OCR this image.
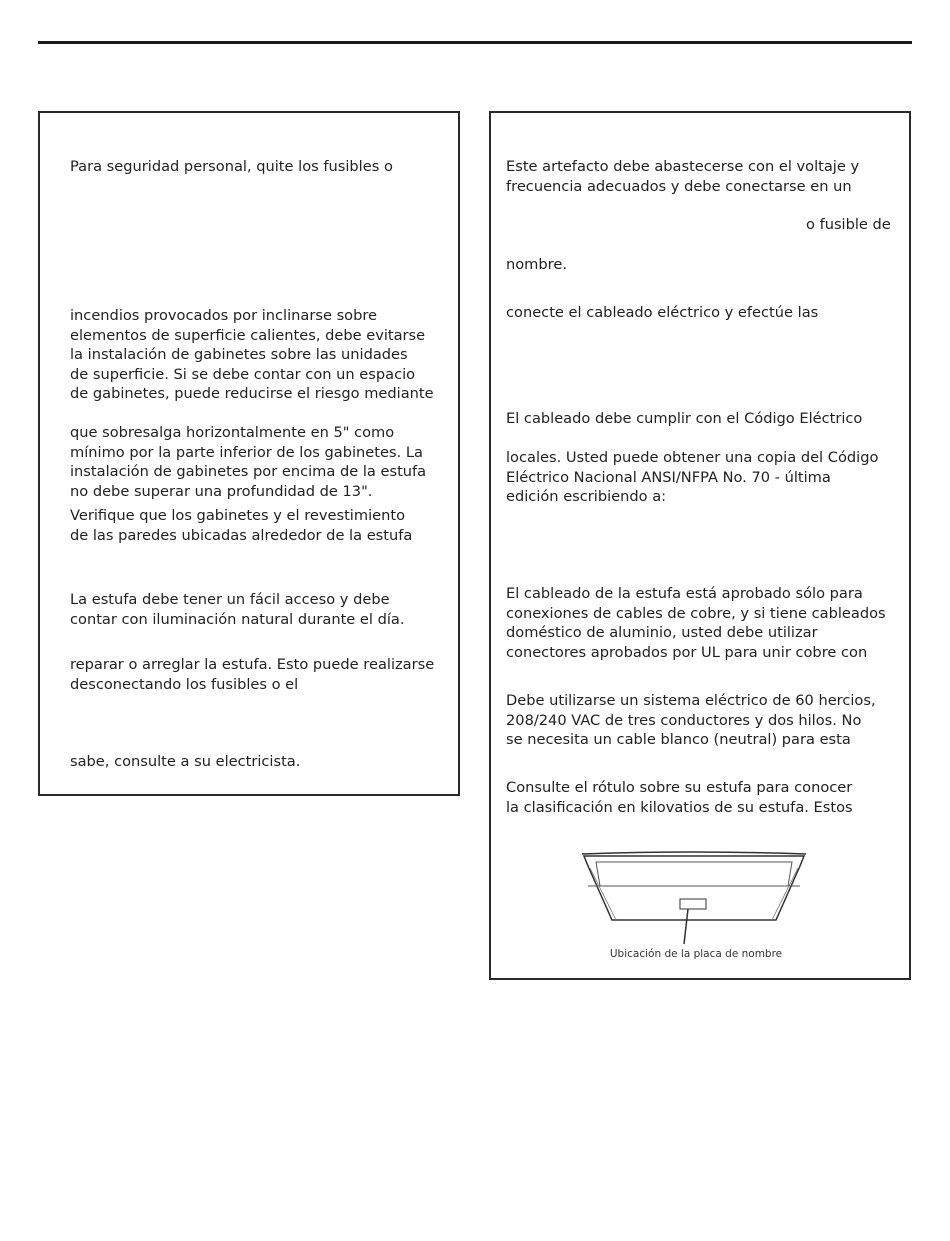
Para seguridad personal, quite los fusibles o
incendios provocados por inclinarse sobre
elementos de superficie calientes, debe evitarse
la instalación de gabinetes sobre las unidades
de superficie. Si se debe contar con un espacio
de gabinetes, puede reducirse el riesgo mediante
que sobresalga horizontalmente en 5" como
mínimo por la parte inferior de los gabinetes. La
instalación de gabinetes por encima de la estufa
no debe superar una profundidad de 13".
Verifique que los gabinetes y el revestimiento
de las paredes ubicadas alrededor de la estufa
La estufa debe tener un fácil acceso y debe
contar con iluminación natural durante el día.
reparar o arreglar la estufa. Esto puede realizarse
desconectando los fusibles o el
sabe, consulte a su electricista.
Este artefacto debe abastecerse con el voltaje y
frecuencia adecuados y debe conectarse en un
o fusible de
nombre.
conecte el cableado eléctrico y efectúe las
El cableado debe cumplir con el Código Eléctrico
locales. Usted puede obtener una copia del Código
Eléctrico Nacional ANSI/NFPA No. 70 - última
edición escribiendo a:
El cableado de la estufa está aprobado sólo para
conexiones de cables de cobre, y si tiene cableados
doméstico de aluminio, usted debe utilizar
conectores aprobados por UL para unir cobre con
Debe utilizarse un sistema eléctrico de 60 hercios,
208/240 VAC de tres conductores y dos hilos. No
se necesita un cable blanco (neutral) para esta
Consulte el rótulo sobre su estufa para conocer
la clasificación en kilovatios de su estufa. Estos
Ubicación de la placa de nombre
